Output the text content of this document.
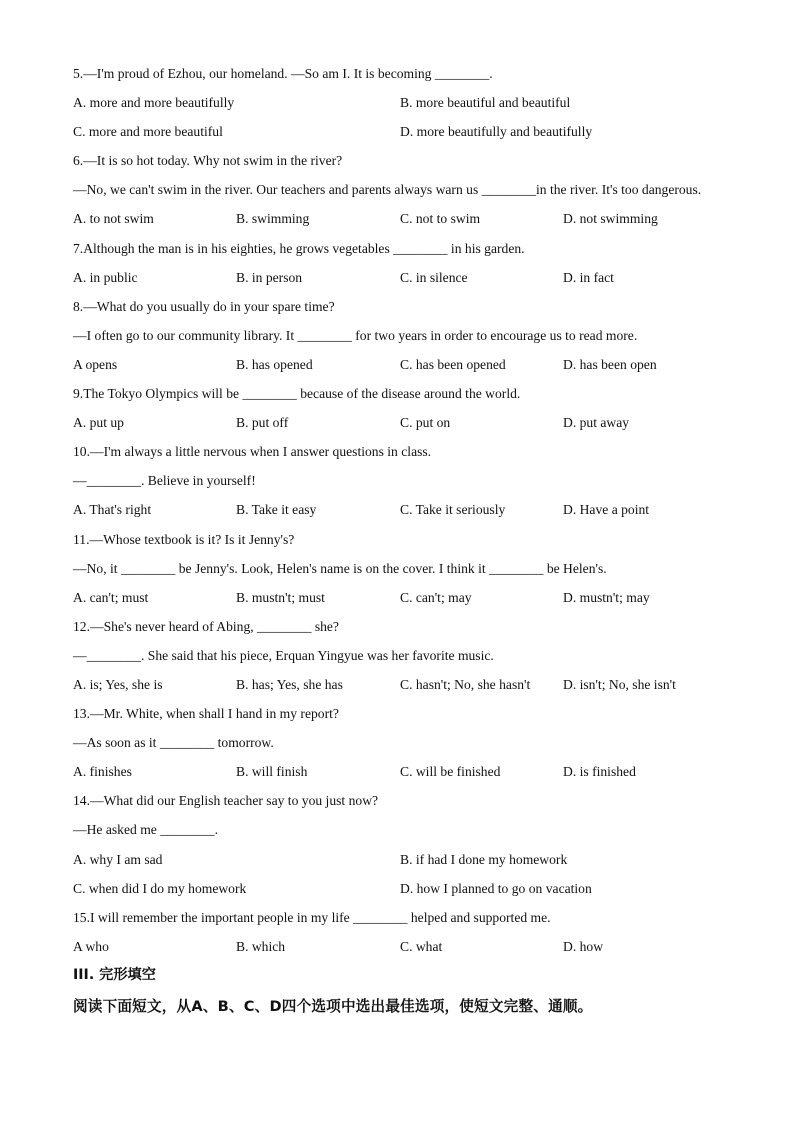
5.—I'm proud of Ezhou, our homeland. —So am I. It is becoming ________.
A. more and more beautifully	B. more beautiful and beautiful
C. more and more beautiful	D. more beautifully and beautifully
6.—It is so hot today. Why not swim in the river?
—No, we can't swim in the river. Our teachers and parents always warn us ________in the river. It's too dangerous.
A. to not swim	B. swimming	C. not to swim	D. not swimming
7.Although the man is in his eighties, he grows vegetables ________ in his garden.
A. in public	B. in person	C. in silence	D. in fact
8.—What do you usually do in your spare time?
—I often go to our community library. It ________ for two years in order to encourage us to read more.
A opens	B. has opened	C. has been opened	D. has been open
9.The Tokyo Olympics will be ________ because of the disease around the world.
A. put up	B. put off	C. put on	D. put away
10.—I'm always a little nervous when I answer questions in class.
—________. Believe in yourself!
A. That's right	B. Take it easy	C. Take it seriously	D. Have a point
11.—Whose textbook is it? Is it Jenny's?
—No, it ________ be Jenny's. Look, Helen's name is on the cover. I think it ________ be Helen's.
A. can't; must	B. mustn't; must	C. can't; may	D. mustn't; may
12.—She's never heard of Abing, ________ she?
—________. She said that his piece, Erquan Yingyue was her favorite music.
A. is; Yes, she is	B. has; Yes, she has	C. hasn't; No, she hasn't D. isn't; No, she isn't
13.—Mr. White, when shall I hand in my report?
—As soon as it ________ tomorrow.
A. finishes	B. will finish	C. will be finished	D. is finished
14.—What did our English teacher say to you just now?
—He asked me ________.
A. why I am sad	B. if had I done my homework
C. when did I do my homework	D. how I planned to go on vacation
15.I will remember the important people in my life ________ helped and supported me.
A who	B. which	C. what	D. how
III. 完形填空
阅读下面短文，从A、B、C、D四个选项中选出最佳选项，使短文完整、通顺。
